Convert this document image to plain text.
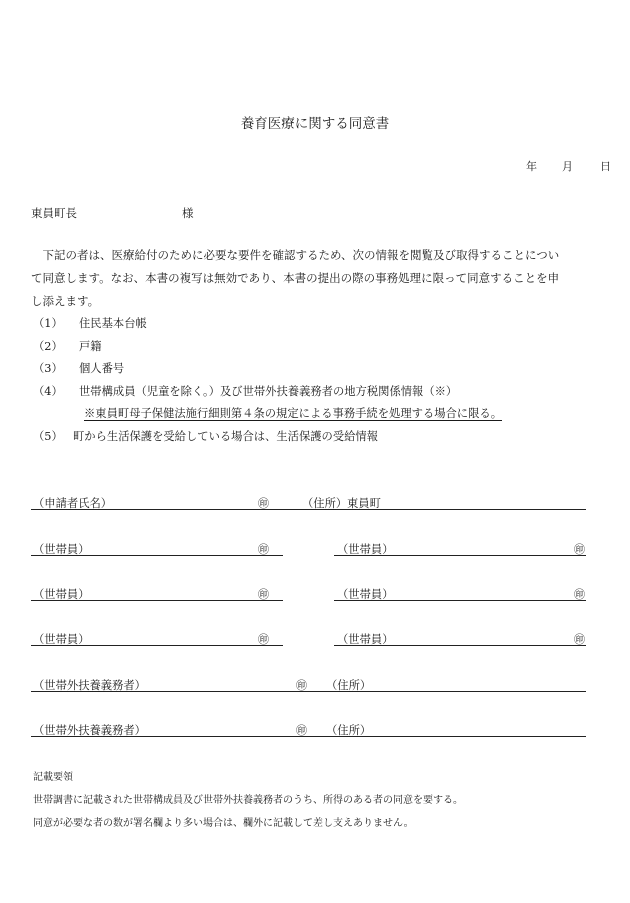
養育医療に関する同意書
年 月 日
東員町長	様

　下記の者は、医療給付のために必要な要件を確認するため、次の情報を閲覧及び取得することについ

て同意します。なお、本書の複写は無効であり、本書の提出の際の事務処理に限って同意することを申

し添えます。

（1）	住民基本台帳
（2）	戸籍
（3）	個人番号
（4）	世帯構成員（児童を除く。）及び世帯外扶養義務者の地方税関係情報（※）
※東員町母子保健法施行細則第４条の規定による事務手続を処理する場合に限る。
（5） 町から生活保護を受給している場合は、生活保護の受給情報
（申請者氏名）	㊞	（住所） 東員町
（世帯員）	㊞	（世帯員）	㊞
（世帯員）	㊞	（世帯員）	㊞
（世帯員）	㊞	（世帯員）	㊞
（世帯外扶養義務者）	㊞ （住所）
（世帯外扶養義務者）	㊞ （住所）
記載要領
世帯調書に記載された世帯構成員及び世帯外扶養義務者のうち、所得のある者の同意を要する。
同意が必要な者の数が署名欄より多い場合は、欄外に記載して差し支えありません。
